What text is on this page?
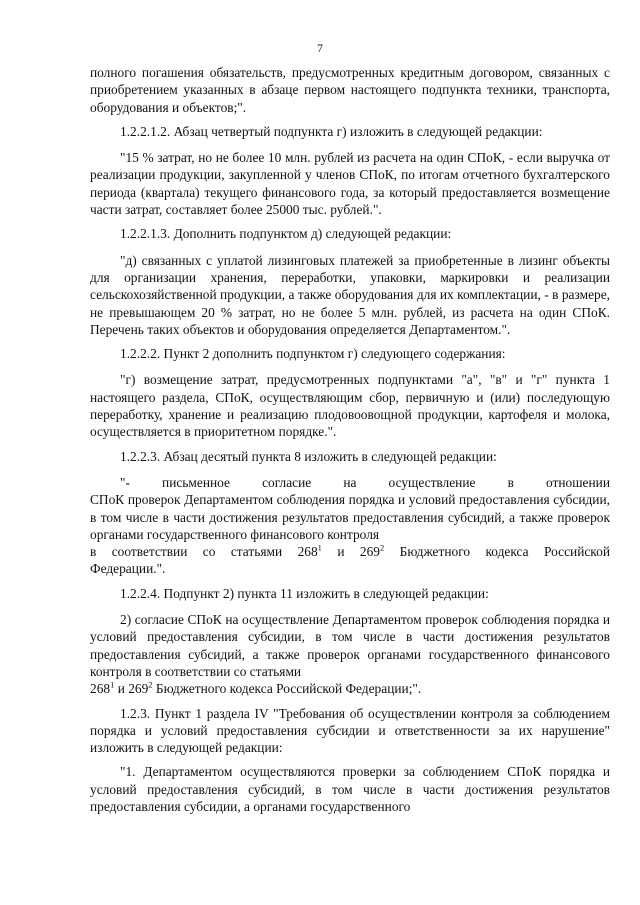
7

полного погашения обязательств, предусмотренных кредитным договором, связанных с приобретением указанных в абзаце первом настоящего подпункта техники, транспорта, оборудования и объектов;".

1.2.2.1.2. Абзац четвертый подпункта г) изложить в следующей редакции:

"15 % затрат, но не более 10 млн. рублей из расчета на один СПоК, - если выручка от реализации продукции, закупленной у членов СПоК, по итогам отчетного бухгалтерского периода (квартала) текущего финансового года, за который предоставляется возмещение части затрат, составляет более 25000 тыс. рублей.".

1.2.2.1.3. Дополнить подпунктом д) следующей редакции:

"д) связанных с уплатой лизинговых платежей за приобретенные в лизинг объекты для организации хранения, переработки, упаковки, маркировки и реализации сельскохозяйственной продукции, а также оборудования для их комплектации, - в размере, не превышающем 20 % затрат, но не более 5 млн. рублей, из расчета на один СПоК. Перечень таких объектов и оборудования определяется Департаментом.".

1.2.2.2. Пункт 2 дополнить подпунктом г) следующего содержания:

"г) возмещение затрат, предусмотренных подпунктами "а", "в" и "г" пункта 1 настоящего раздела, СПоК, осуществляющим сбор, первичную и (или) последующую переработку, хранение и реализацию плодовоовощной продукции, картофеля и молока, осуществляется в приоритетном порядке.".

1.2.2.3. Абзац десятый пункта 8 изложить в следующей редакции:

"- письменное согласие на осуществление в отношении
СПоК проверок Департаментом соблюдения порядка и условий предоставления субсидии, в том числе в части достижения результатов предоставления субсидий, а также проверок органами государственного финансового контроля
в соответствии со статьями $268^1$ и $269^2$ Бюджетного кодекса Российской
Федерации.".

1.2.2.4. Подпункт 2) пункта 11 изложить в следующей редакции:

2) согласие СПоК на осуществление Департаментом проверок соблюдения порядка и условий предоставления субсидии, в том числе в части достижения результатов предоставления субсидий, а также проверок органами государственного финансового контроля в соответствии со статьями
$268^1$ и $269^2$ Бюджетного кодекса Российской Федерации;".

1.2.3. Пункт 1 раздела IV "Требования об осуществлении контроля за соблюдением порядка и условий предоставления субсидии и ответственности за их нарушение" изложить в следующей редакции:

"1. Департаментом осуществляются проверки за соблюдением СПоК порядка и условий предоставления субсидий, в том числе в части достижения результатов предоставления субсидии, а органами государственного
